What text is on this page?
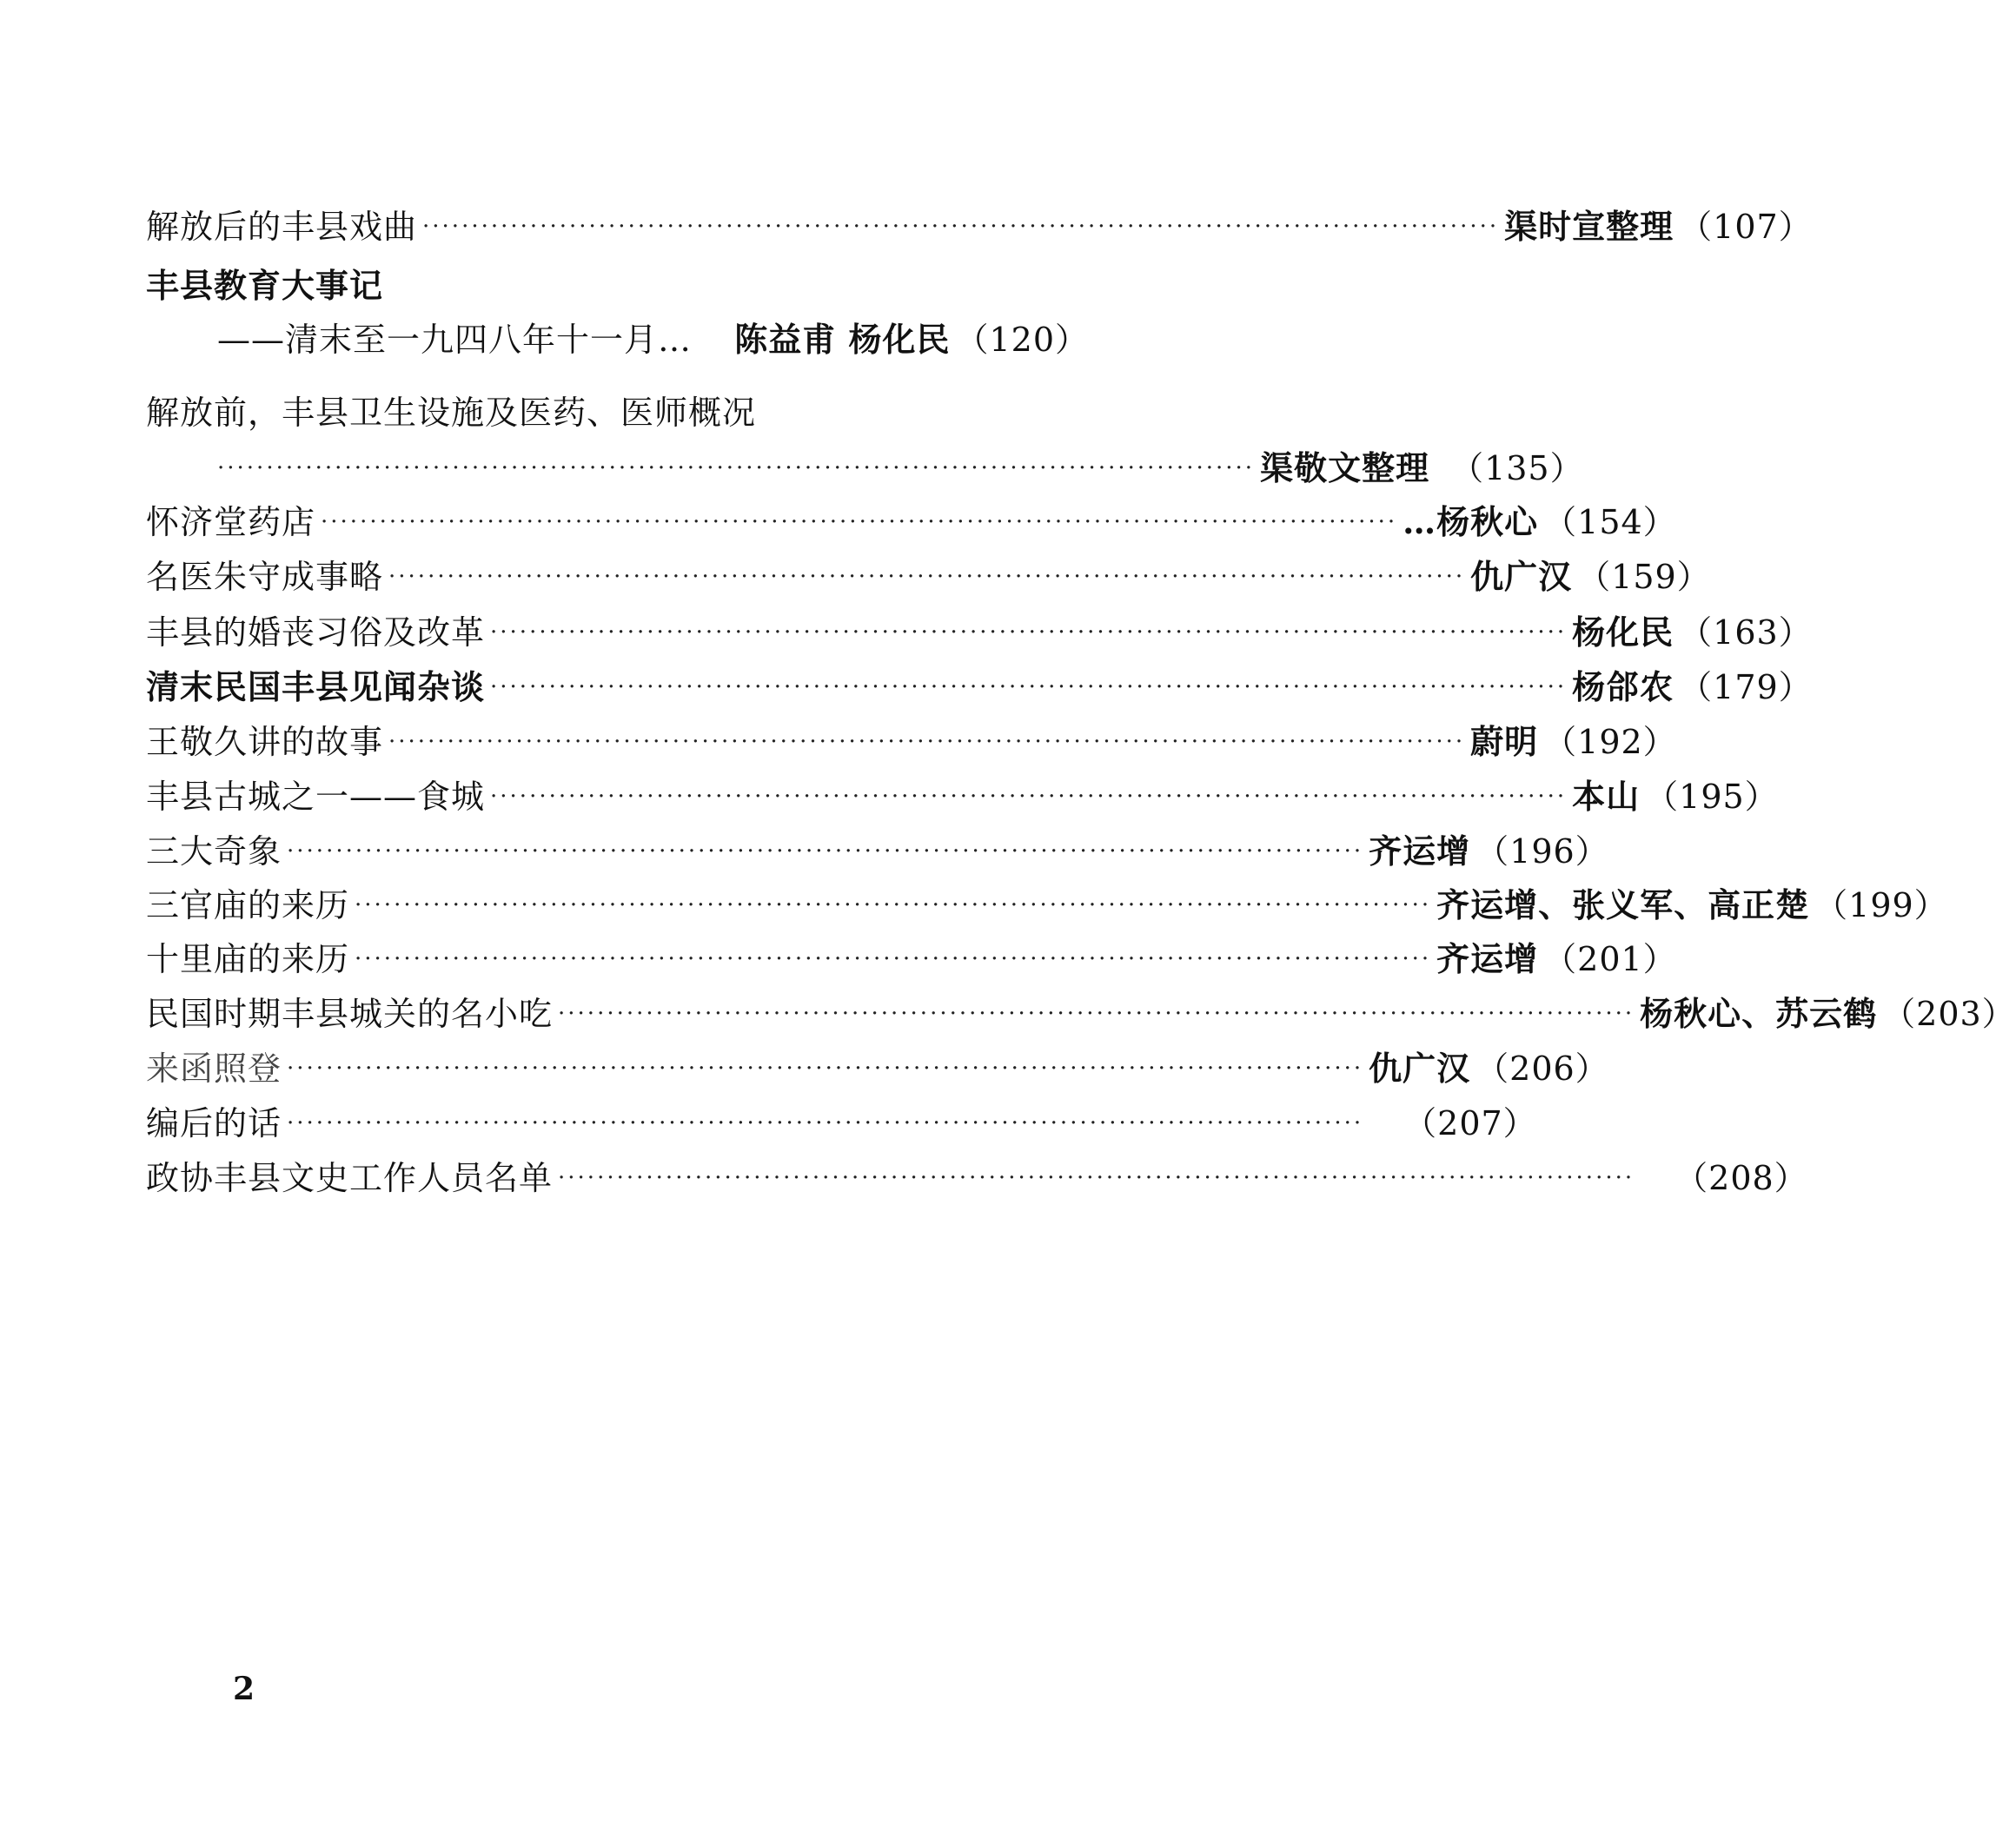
解放后的丰县戏曲 ·············································································································· 渠时宣整理 （107）
丰县教育大事记
——清末至一九四八年十一月… 陈益甫 杨化民 （120）
解放前，丰县卫生设施及医药、医师概况
·········································································································· 渠敬文整理 （135）
怀济堂药店 ·············································································································· …杨秋心 （154）
名医朱守成事略 ·············································································································· 仇广汉 （159）
丰县的婚丧习俗及改革 ·············································································································· 杨化民 （163）
清末民国丰县见闻杂谈 ·············································································································· 杨郃农 （179）
王敬久讲的故事 ·············································································································· 蔚明 （192）
丰县古城之一——食城 ·············································································································· 本山 （195）
三大奇象 ·············································································································· 齐运增 （196）
三官庙的来历 ·············································································································· 齐运增、张义军、高正楚 （199）
十里庙的来历 ·············································································································· 齐运增 （201）
民国时期丰县城关的名小吃 ·············································································································· 杨秋心、苏云鹤 （203）
来函照登 ·············································································································· 仇广汉 （206）
编后的话 ·············································································································· （207）
政协丰县文史工作人员名单 ·············································································································· （208）
2
